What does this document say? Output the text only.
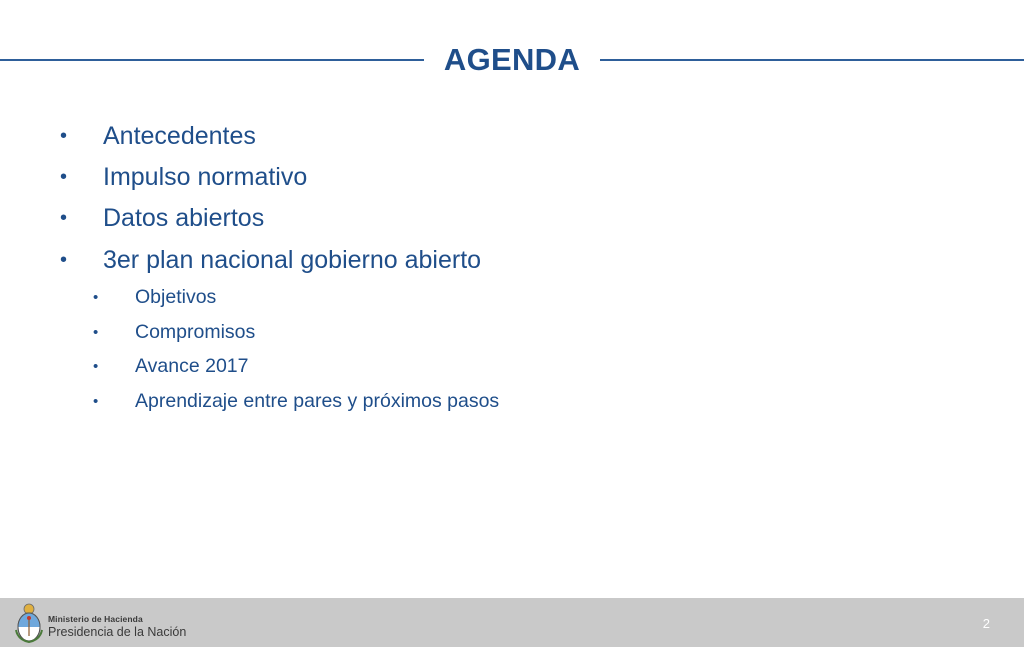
AGENDA
•	Antecedentes
•	Impulso normativo
•	Datos abiertos
•	3er plan nacional gobierno abierto
•	Objetivos
•	Compromisos
•	Avance 2017
•	Aprendizaje entre pares y próximos pasos
Ministerio de Hacienda
Presidencia de la Nación
2
